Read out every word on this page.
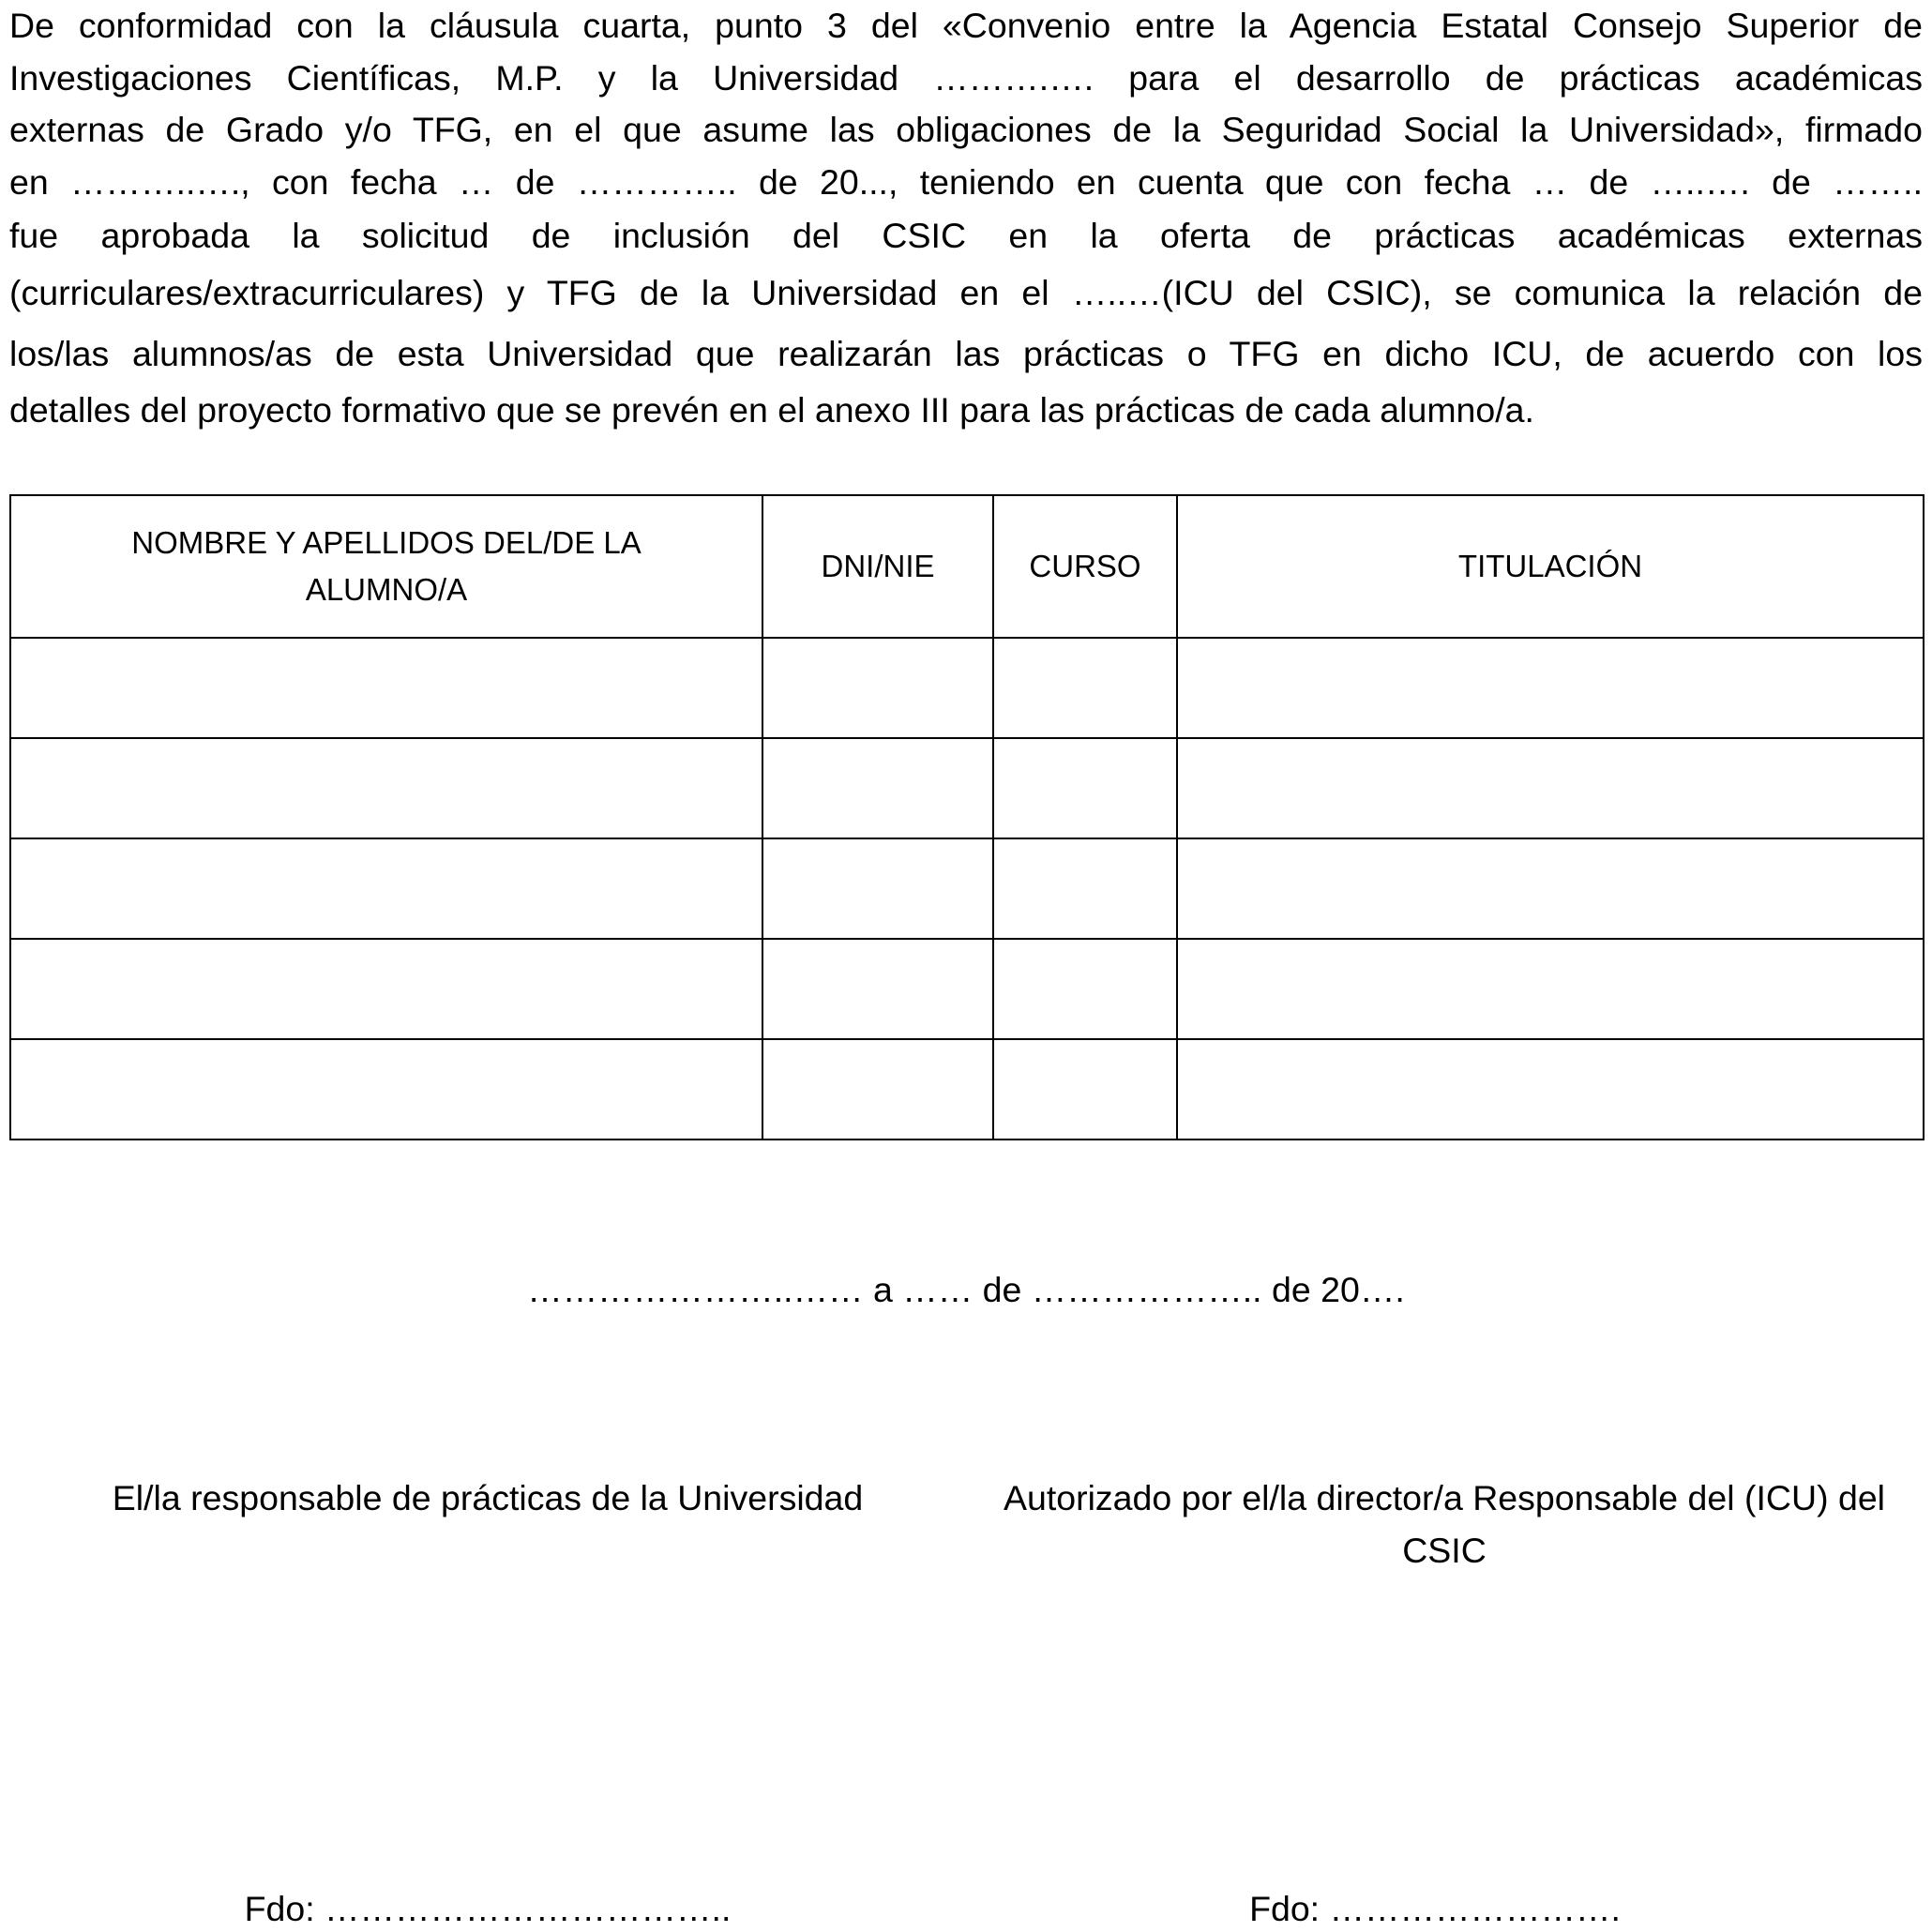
De conformidad con la cláusula cuarta, punto 3 del «Convenio entre la Agencia Estatal Consejo Superior de
Investigaciones Científicas, M.P. y la Universidad ……….…. para el desarrollo de prácticas académicas
externas de Grado y/o TFG, en el que asume las obligaciones de la Seguridad Social la Universidad», firmado
en ………..…., con fecha … de ………….. de 20..., teniendo en cuenta que con fecha … de …..…. de ……..
fue aprobada la solicitud de inclusión del CSIC en la oferta de prácticas académicas externas
(curriculares/extracurriculares) y TFG de la Universidad en el …..…(ICU del CSIC), se comunica la relación de
los/las alumnos/as de esta Universidad que realizarán las prácticas o TFG en dicho ICU, de acuerdo con los
detalles del proyecto formativo que se prevén en el anexo III para las prácticas de cada alumno/a.

NOMBRE Y APELLIDOS DEL/DE LA ALUMNO/A	DNI/NIE	CURSO	TITULACIÓN

…………………..…… a …… de ……………….. de 20….
El/la responsable de prácticas de la Universidad	Autorizado por el/la director/a Responsable del (ICU) del CSIC
Fdo: ……………………………..	Fdo: …………………….
